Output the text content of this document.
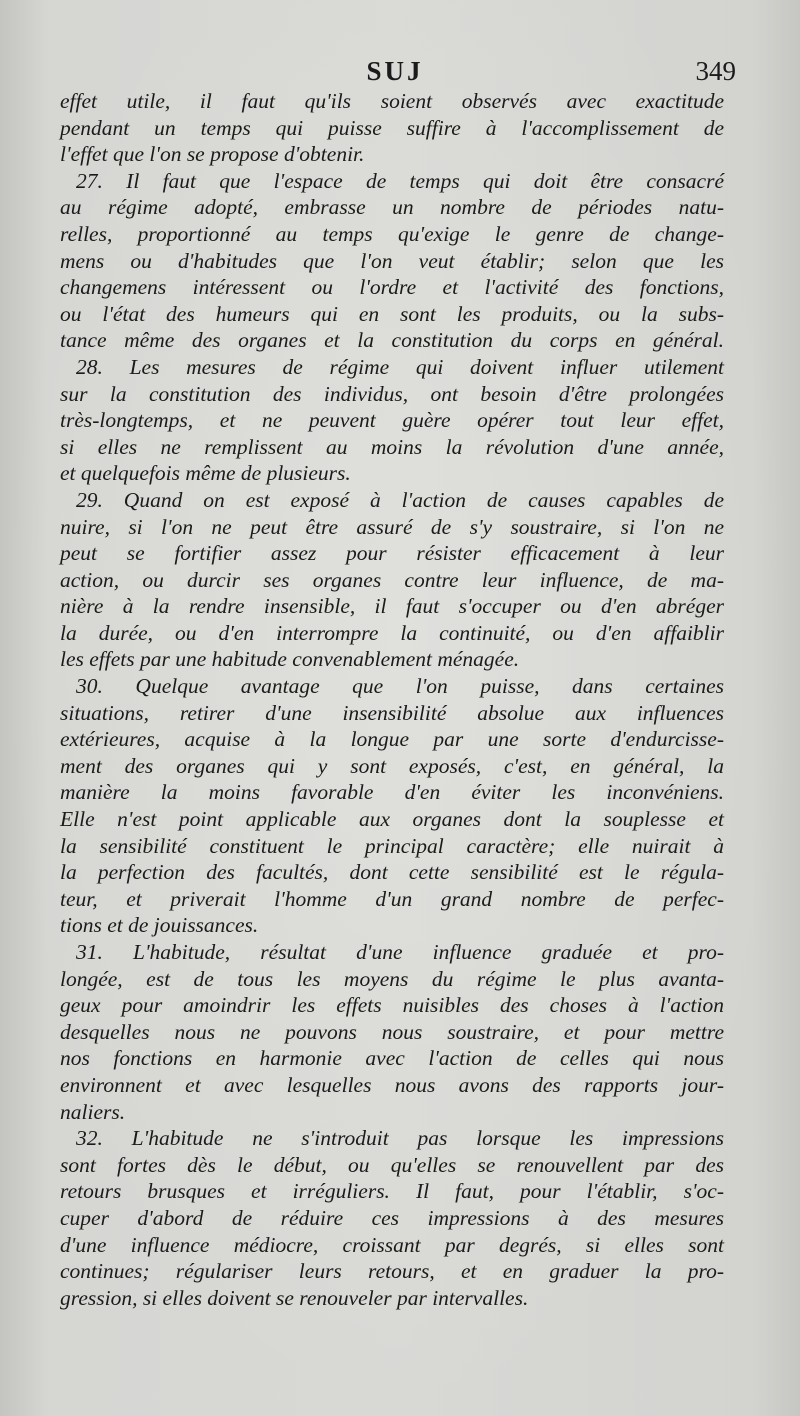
SUJ	349
effet utile, il faut qu'ils soient observés avec exactitude
pendant un temps qui puisse suffire à l'accomplissement de
l'effet que l'on se propose d'obtenir.
27. Il faut que l'espace de temps qui doit être consacré
au régime adopté, embrasse un nombre de périodes natu-
relles, proportionné au temps qu'exige le genre de change-
mens ou d'habitudes que l'on veut établir; selon que les
changemens intéressent ou l'ordre et l'activité des fonctions,
ou l'état des humeurs qui en sont les produits, ou la subs-
tance même des organes et la constitution du corps en général.
28. Les mesures de régime qui doivent influer utilement
sur la constitution des individus, ont besoin d'être prolongées
très-longtemps, et ne peuvent guère opérer tout leur effet,
si elles ne remplissent au moins la révolution d'une année,
et quelquefois même de plusieurs.
29. Quand on est exposé à l'action de causes capables de
nuire, si l'on ne peut être assuré de s'y soustraire, si l'on ne
peut se fortifier assez pour résister efficacement à leur
action, ou durcir ses organes contre leur influence, de ma-
nière à la rendre insensible, il faut s'occuper ou d'en abréger
la durée, ou d'en interrompre la continuité, ou d'en affaiblir
les effets par une habitude convenablement ménagée.
30. Quelque avantage que l'on puisse, dans certaines
situations, retirer d'une insensibilité absolue aux influences
extérieures, acquise à la longue par une sorte d'endurcisse-
ment des organes qui y sont exposés, c'est, en général, la
manière la moins favorable d'en éviter les inconvéniens.
Elle n'est point applicable aux organes dont la souplesse et
la sensibilité constituent le principal caractère; elle nuirait à
la perfection des facultés, dont cette sensibilité est le régula-
teur, et priverait l'homme d'un grand nombre de perfec-
tions et de jouissances.
31. L'habitude, résultat d'une influence graduée et pro-
longée, est de tous les moyens du régime le plus avanta-
geux pour amoindrir les effets nuisibles des choses à l'action
desquelles nous ne pouvons nous soustraire, et pour mettre
nos fonctions en harmonie avec l'action de celles qui nous
environnent et avec lesquelles nous avons des rapports jour-
naliers.
32. L'habitude ne s'introduit pas lorsque les impressions
sont fortes dès le début, ou qu'elles se renouvellent par des
retours brusques et irréguliers. Il faut, pour l'établir, s'oc-
cuper d'abord de réduire ces impressions à des mesures
d'une influence médiocre, croissant par degrés, si elles sont
continues; régulariser leurs retours, et en graduer la pro-
gression, si elles doivent se renouveler par intervalles.
